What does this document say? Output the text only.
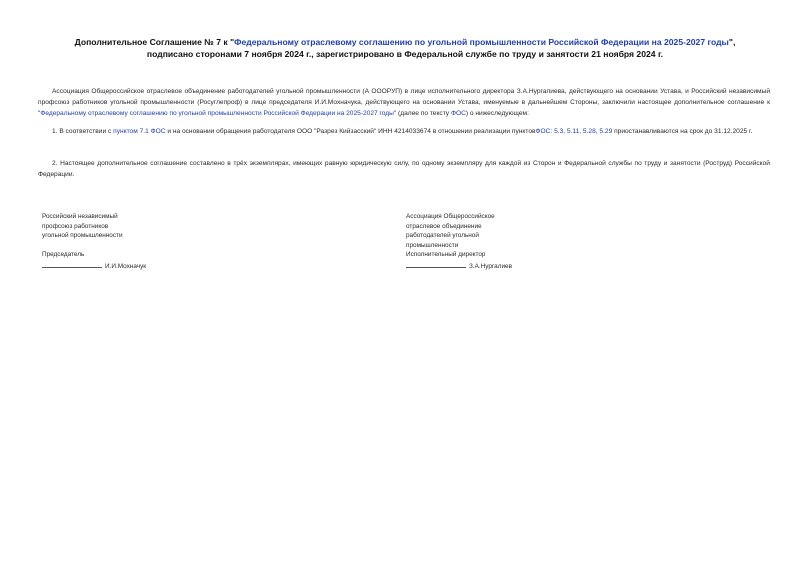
Дополнительное Соглашение № 7 к "Федеральному отраслевому соглашению по угольной промышленности Российской Федерации на 2025-2027 годы",
подписано сторонами 7 ноября 2024 г., зарегистрировано в Федеральной службе по труду и занятости 21 ноября 2024 г.
Ассоциация Общероссийское отраслевое объединение работодателей угольной промышленности (А ОООРУП) в лице исполнительного директора З.А.Нургалиева, действующего на основании Устава, и Российский независимый профсоюз работников угольной промышленности (Росуглепроф) в лице председателя И.И.Мохначука, действующего на основании Устава, именуемые в дальнейшем Стороны, заключили настоящее дополнительное соглашение к "Федеральному отраслевому соглашению по угольной промышленности Российской Федерации на 2025-2027 годы" (далее по тексту ФОС) о нижеследующем:
1. В соответствии с пунктом 7.1 ФОС и на основании обращения работодателя ООО "Разрез Кийзасский" ИНН 4214033674 в отношении реализации пунктовФОС: 5.3, 5.11, 5.28, 5.29 приостанавливаются на срок до 31.12.2025 г.
2. Настоящее дополнительное соглашение составлено в трёх экземплярах, имеющих равную юридическую силу, по одному экземпляру для каждой из Сторон и Федеральной службы по труду и занятости (Роструд) Российской Федерации.
Российский независимый
профсоюз работников
угольной промышленности
Председатель
И.И.Мохначук
Ассоциация Общероссийское
отраслевое объединение
работодателей угольной
промышленности
Исполнительный директор
З.А.Нургалиев
